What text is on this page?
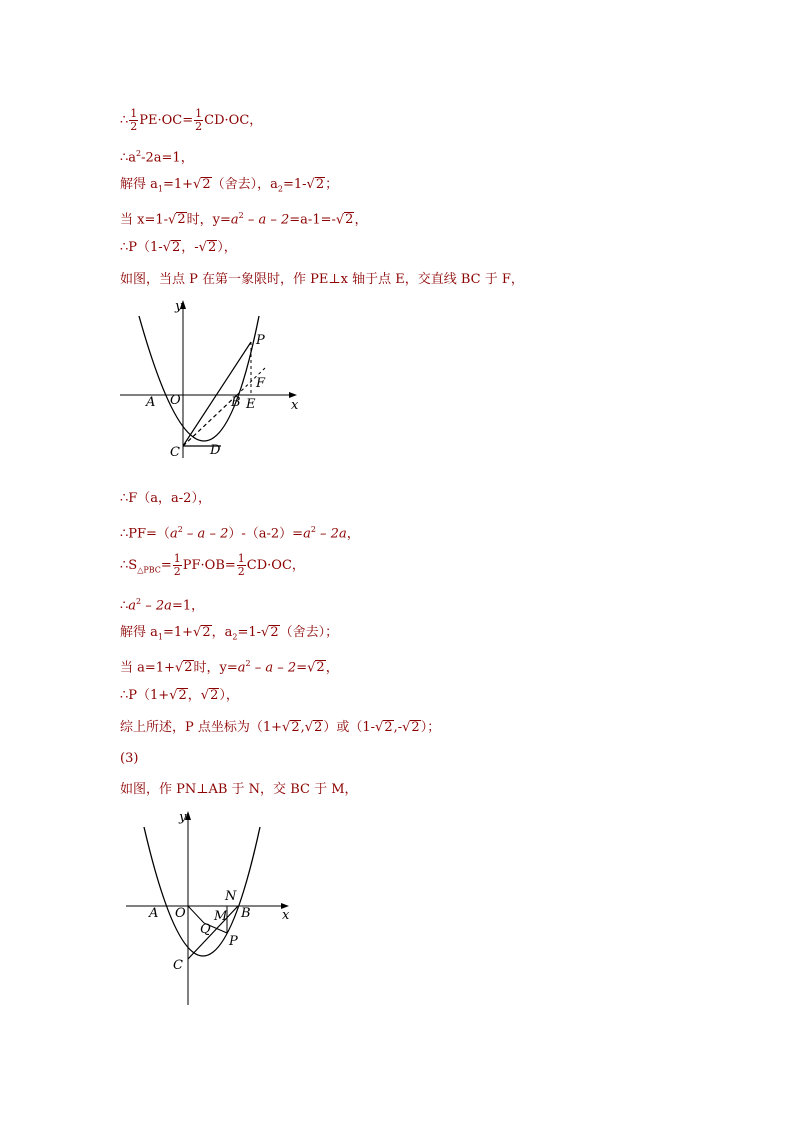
∴ $\frac{1}{2} PE\cdot OC= \frac{1}{2} CD\cdot OC$，
$\therefore a^2-2a=1$，
解得 $a_1=1+√2$（舍去），$a_2=1-√2$；
当 x=1-√2时，$y=a^2 - a - 2=a-1=-√2$，
∴P（1-√2，-√2），
如图，当点 P 在第一象限时，作 PE⊥x 轴于点 E，交直线 BC 于 F，
y
x
P
F
A O	B E
C D
∴F（a，a-2），
$\therefore PF=(a^2 - a - 2)-(a-2)=a^2 - 2a$，
$\therefore S_{\triangle PBC}= \frac{1}{2} PF\cdot OB= \frac{1}{2} CD\cdot OC$，
$\therefore a^2 - 2a=1$，
解得 $a_1=1+√2$，$a_2=1-√2$（舍去）；
当 a=1+√2时，$y=a^2 - a - 2=√2$，
∴P（1+√2，√2），
综上所述，P 点坐标为（1+√2,√2）或（1-√2,-√2）；
(3)
如图，作 PN⊥AB 于 N，交 BC 于 M，
y
x
N
A O M B
Q
P
C
